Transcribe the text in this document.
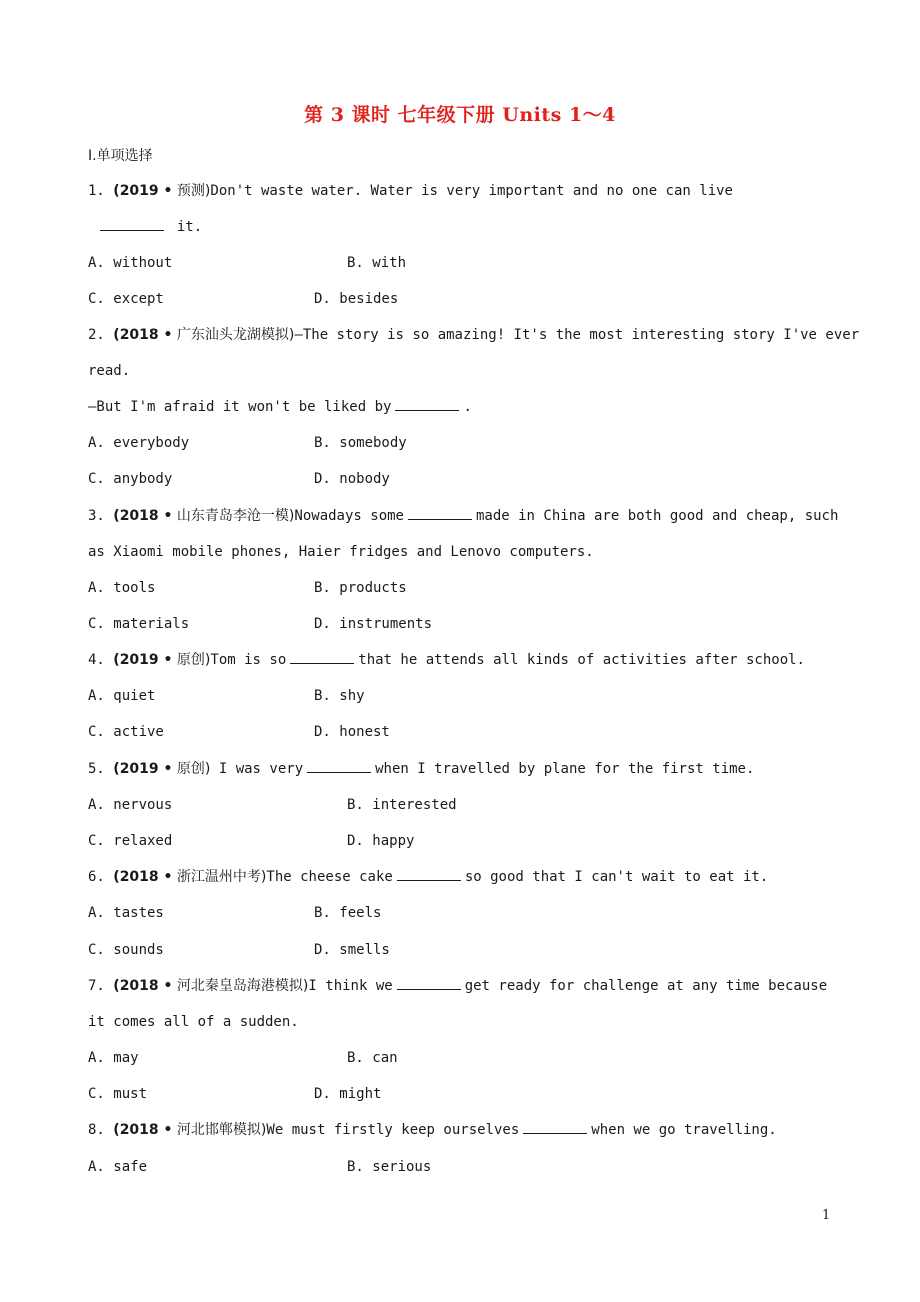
第 3 课时 七年级下册 Units 1～4
Ⅰ.单项选择
1. (2019 • 预测)Don't waste water. Water is very important and no one can live
it.
A. without	B. with
C. except	D. besides
2. (2018 • 广东汕头龙湖模拟)—The story is so amazing! It's the most interesting story I've ever
read.
—But I'm afraid it won't be liked by	.
A. everybody	B. somebody
C. anybody	D. nobody
3. (2018 • 山东青岛李沧一模)Nowadays some	made in China are both good and cheap, such
as Xiaomi mobile phones, Haier fridges and Lenovo computers.
A. tools	B. products
C. materials	D. instruments
4. (2019 • 原创)Tom is so	that he attends all kinds of activities after school.
A. quiet	B. shy
C. active	D. honest
5. (2019 • 原创) I was very	when I travelled by plane for the first time.
A. nervous	B. interested
C. relaxed	D. happy
6. (2018 • 浙江温州中考)The cheese cake	so good that I can't wait to eat it.
A. tastes	B. feels
C. sounds	D. smells
7. (2018 • 河北秦皇岛海港模拟)I think we	get ready for challenge at any time because
it comes all of a sudden.
A. may	B. can
C. must	D. might
8. (2018 • 河北邯郸模拟)We must firstly keep ourselves	when we go travelling.
A. safe	B. serious
1
